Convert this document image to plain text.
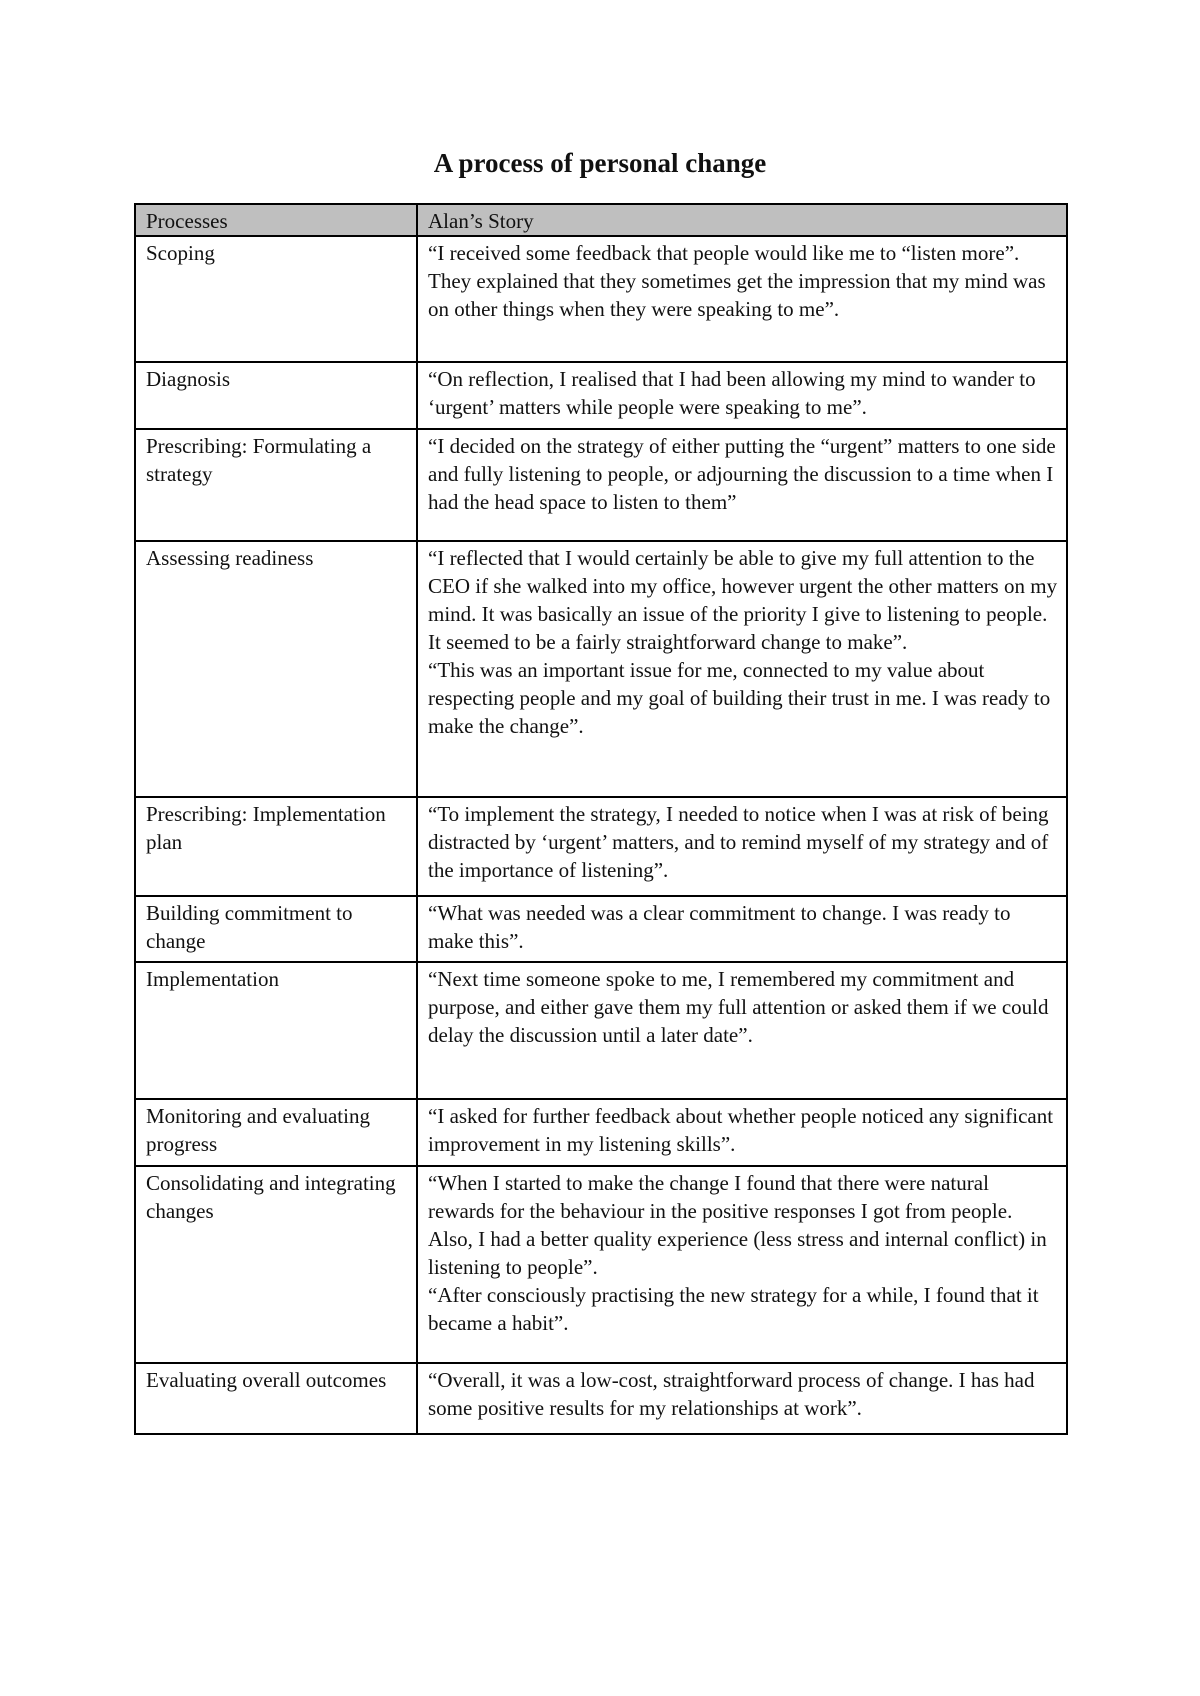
A process of personal change
Processes	Alan’s Story
Scoping	“I received some feedback that people would like me to “listen more”. They explained that they sometimes get the impression that my mind was on other things when they were speaking to me”.

Diagnosis	“On reflection, I realised that I had been allowing my mind to wander to ‘urgent’ matters while people were speaking to me”.

Prescribing: Formulating a strategy	“I decided on the strategy of either putting the “urgent” matters to one side and fully listening to people, or adjourning the discussion to a time when I had the head space to listen to them”

Assessing readiness	“I reflected that I would certainly be able to give my full attention to the CEO if she walked into my office, however urgent the other matters on my mind. It was basically an issue of the priority I give to listening to people. It seemed to be a fairly straightforward change to make”.
“This was an important issue for me, connected to my value about respecting people and my goal of building their trust in me. I was ready to make the change”.

Prescribing: Implementation plan	“To implement the strategy, I needed to notice when I was at risk of being distracted by ‘urgent’ matters, and to remind myself of my strategy and of the importance of listening”.

Building commitment to change	“What was needed was a clear commitment to change. I was ready to make this”.

Implementation	“Next time someone spoke to me, I remembered my commitment and purpose, and either gave them my full attention or asked them if we could delay the discussion until a later date”.

Monitoring and evaluating progress	“I asked for further feedback about whether people noticed any significant improvement in my listening skills”.

Consolidating and integrating changes	“When I started to make the change I found that there were natural rewards for the behaviour in the positive responses I got from people. Also, I had a better quality experience (less stress and internal conflict) in listening to people”.
“After consciously practising the new strategy for a while, I found that it became a habit”.

Evaluating overall outcomes	“Overall, it was a low-cost, straightforward process of change. I has had some positive results for my relationships at work”.
